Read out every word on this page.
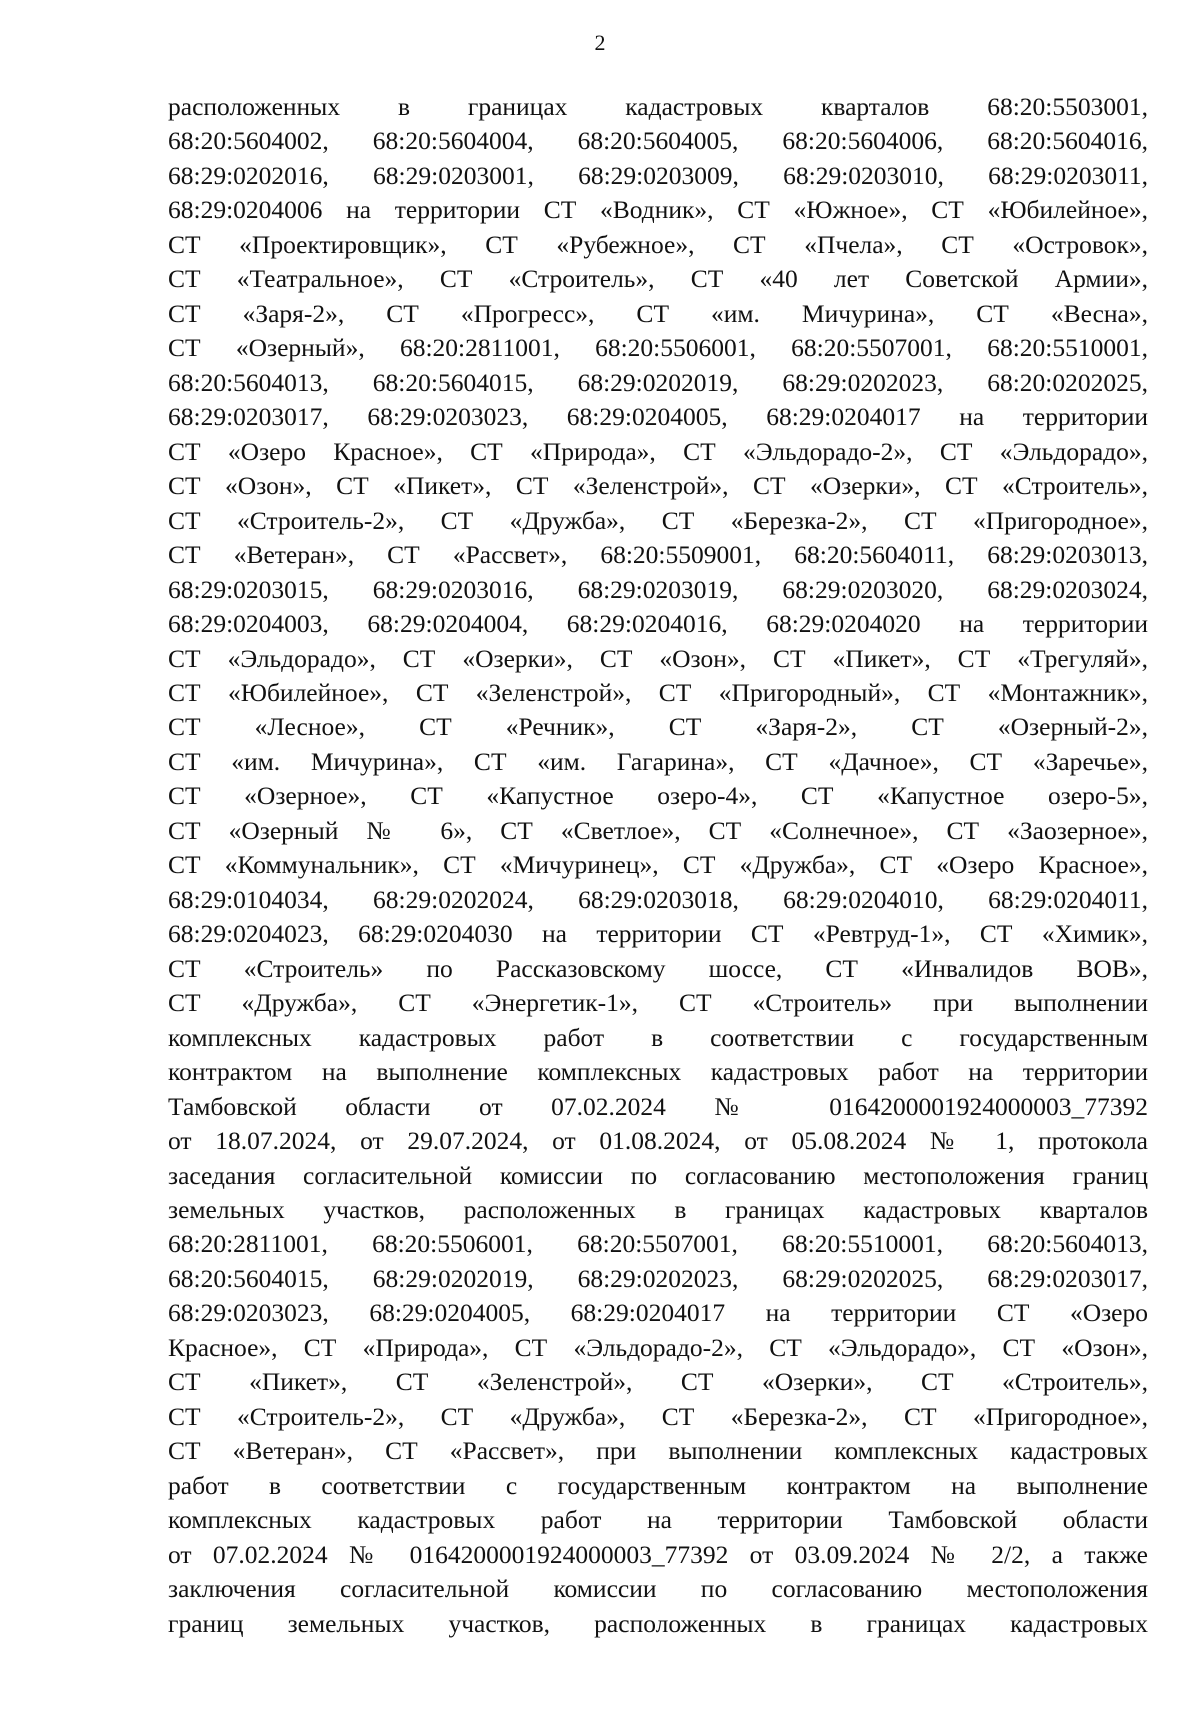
2
расположенных в границах кадастровых кварталов 68:20:5503001,
68:20:5604002, 68:20:5604004, 68:20:5604005, 68:20:5604006, 68:20:5604016,
68:29:0202016, 68:29:0203001, 68:29:0203009, 68:29:0203010, 68:29:0203011,
68:29:0204006 на территории СТ «Водник», СТ «Южное», СТ «Юбилейное»,
СТ «Проектировщик», СТ «Рубежное», СТ «Пчела», СТ «Островок»,
СТ «Театральное», СТ «Строитель», СТ «40 лет Советской Армии»,
СТ «Заря-2», СТ «Прогресс», СТ «им. Мичурина», СТ «Весна»,
СТ «Озерный», 68:20:2811001, 68:20:5506001, 68:20:5507001, 68:20:5510001,
68:20:5604013, 68:20:5604015, 68:29:0202019, 68:29:0202023, 68:20:0202025,
68:29:0203017, 68:29:0203023, 68:29:0204005, 68:29:0204017 на территории
СТ «Озеро Красное», СТ «Природа», СТ «Эльдорадо-2», СТ «Эльдорадо»,
СТ «Озон», СТ «Пикет», СТ «Зеленстрой», СТ «Озерки», СТ «Строитель»,
СТ «Строитель-2», СТ «Дружба», СТ «Березка-2», СТ «Пригородное»,
СТ «Ветеран», СТ «Рассвет», 68:20:5509001, 68:20:5604011, 68:29:0203013,
68:29:0203015, 68:29:0203016, 68:29:0203019, 68:29:0203020, 68:29:0203024,
68:29:0204003, 68:29:0204004, 68:29:0204016, 68:29:0204020 на территории
СТ «Эльдорадо», СТ «Озерки», СТ «Озон», СТ «Пикет», СТ «Трегуляй»,
СТ «Юбилейное», СТ «Зеленстрой», СТ «Пригородный», СТ «Монтажник»,
СТ «Лесное», СТ «Речник», СТ «Заря-2», СТ «Озерный-2»,
СТ «им. Мичурина», СТ «им. Гагарина», СТ «Дачное», СТ «Заречье»,
СТ «Озерное», СТ «Капустное озеро-4», СТ «Капустное озеро-5»,
СТ «Озерный № 6», СТ «Светлое», СТ «Солнечное», СТ «Заозерное»,
СТ «Коммунальник», СТ «Мичуринец», СТ «Дружба», СТ «Озеро Красное»,
68:29:0104034, 68:29:0202024, 68:29:0203018, 68:29:0204010, 68:29:0204011,
68:29:0204023, 68:29:0204030 на территории СТ «Ревтруд-1», СТ «Химик»,
СТ «Строитель» по Рассказовскому шоссе, СТ «Инвалидов ВОВ»,
СТ «Дружба», СТ «Энергетик-1», СТ «Строитель» при выполнении
комплексных кадастровых работ в соответствии с государственным
контрактом на выполнение комплексных кадастровых работ на территории
Тамбовской области от 07.02.2024 № 0164200001924000003_77392
от 18.07.2024, от 29.07.2024, от 01.08.2024, от 05.08.2024 № 1, протокола
заседания согласительной комиссии по согласованию местоположения границ
земельных участков, расположенных в границах кадастровых кварталов
68:20:2811001, 68:20:5506001, 68:20:5507001, 68:20:5510001, 68:20:5604013,
68:20:5604015, 68:29:0202019, 68:29:0202023, 68:29:0202025, 68:29:0203017,
68:29:0203023, 68:29:0204005, 68:29:0204017 на территории СТ «Озеро
Красное», СТ «Природа», СТ «Эльдорадо-2», СТ «Эльдорадо», СТ «Озон»,
СТ «Пикет», СТ «Зеленстрой», СТ «Озерки», СТ «Строитель»,
СТ «Строитель-2», СТ «Дружба», СТ «Березка-2», СТ «Пригородное»,
СТ «Ветеран», СТ «Рассвет», при выполнении комплексных кадастровых
работ в соответствии с государственным контрактом на выполнение
комплексных кадастровых работ на территории Тамбовской области
от 07.02.2024 № 0164200001924000003_77392 от 03.09.2024 № 2/2, а также
заключения согласительной комиссии по согласованию местоположения
границ земельных участков, расположенных в границах кадастровых
